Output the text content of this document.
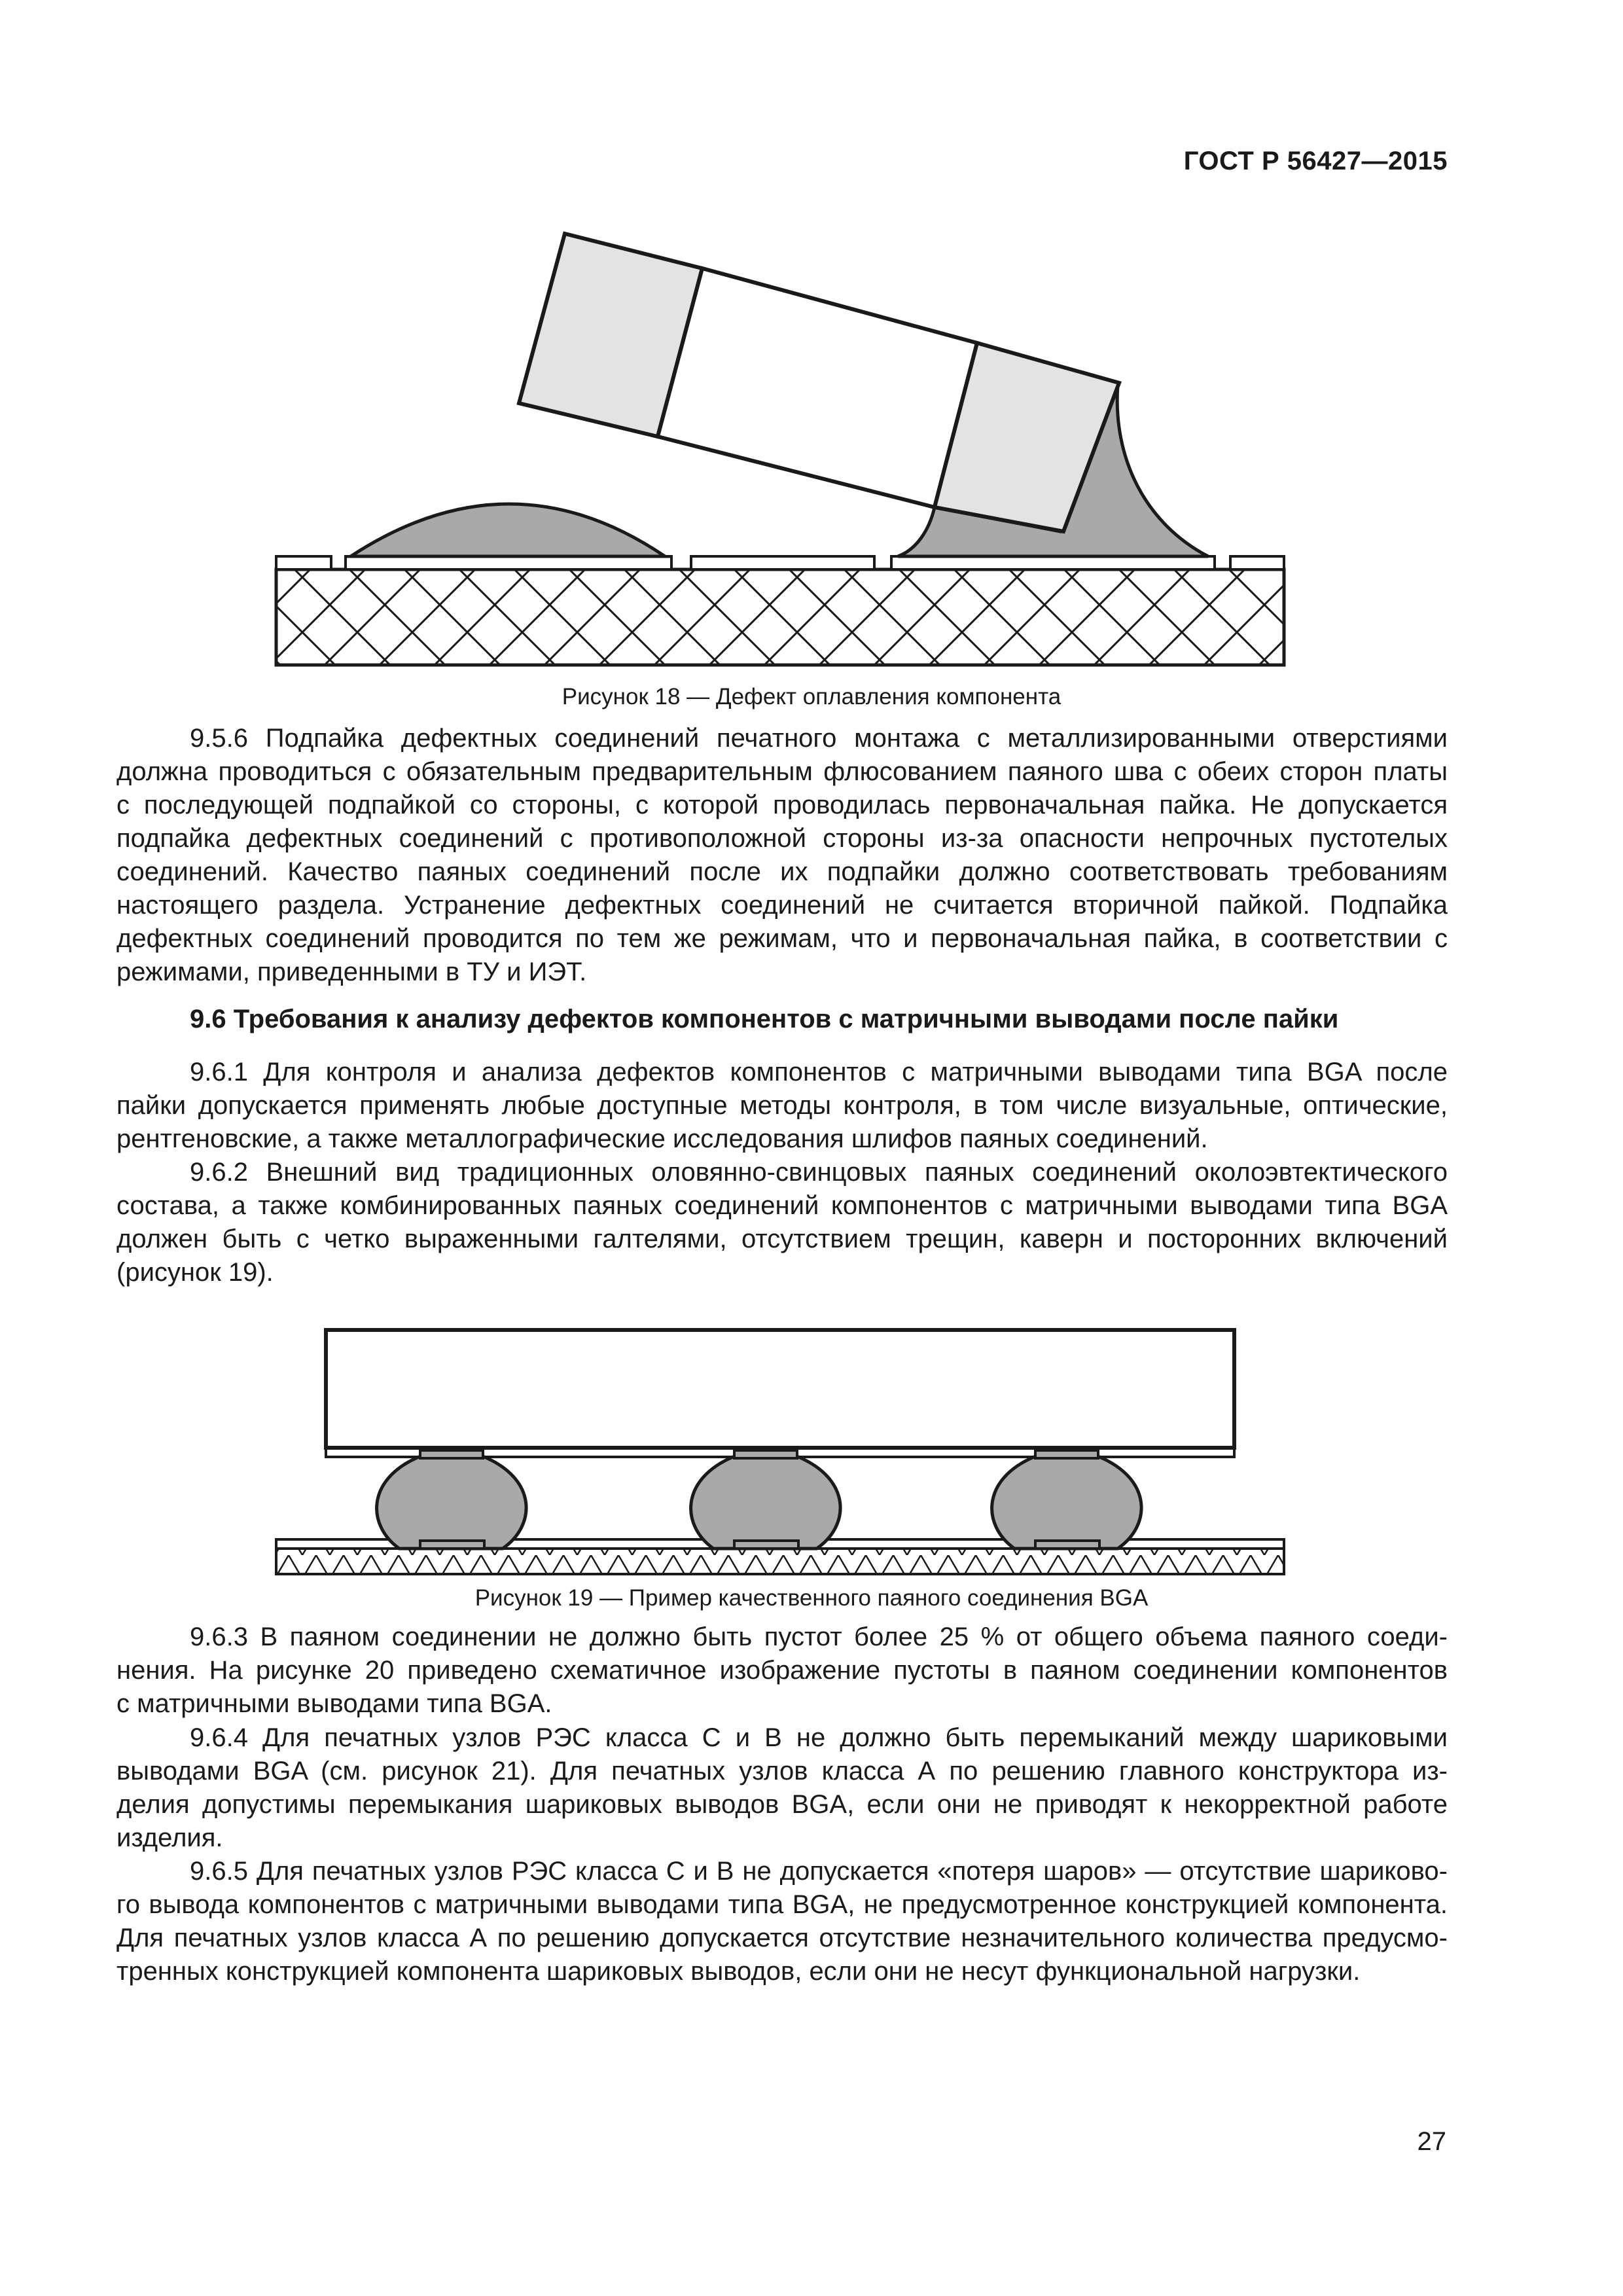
ГОСТ Р 56427—2015
Рисунок 18 — Дефект оплавления компонента
9.5.6 Подпайка дефектных соединений печатного монтажа с металлизированными отверстиями
должна проводиться с обязательным предварительным флюсованием паяного шва с обеих сторон платы
с последующей подпайкой со стороны, с которой проводилась первоначальная пайка. Не допускается
подпайка дефектных соединений с противоположной стороны из-за опасности непрочных пустотелых
соединений. Качество паяных соединений после их подпайки должно соответствовать требованиям
настоящего раздела. Устранение дефектных соединений не считается вторичной пайкой. Подпайка
дефектных соединений проводится по тем же режимам, что и первоначальная пайка, в соответствии с
режимами, приведенными в ТУ и ИЭТ.
9.6 Требования к анализу дефектов компонентов с матричными выводами после пайки
9.6.1 Для контроля и анализа дефектов компонентов с матричными выводами типа BGA после
пайки допускается применять любые доступные методы контроля, в том числе визуальные, оптические,
рентгеновские, а также металлографические исследования шлифов паяных соединений.
9.6.2 Внешний вид традиционных оловянно-свинцовых паяных соединений околоэвтектического
состава, а также комбинированных паяных соединений компонентов с матричными выводами типа BGA
должен быть с четко выраженными галтелями, отсутствием трещин, каверн и посторонних включений
(рисунок 19).
Рисунок 19 — Пример качественного паяного соединения BGA
9.6.3 В паяном соединении не должно быть пустот более 25 % от общего объема паяного соеди-
нения. На рисунке 20 приведено схематичное изображение пустоты в паяном соединении компонентов
с матричными выводами типа BGA.
9.6.4 Для печатных узлов РЭС класса С и В не должно быть перемыканий между шариковыми
выводами BGA (см. рисунок 21). Для печатных узлов класса А по решению главного конструктора из-
делия допустимы перемыкания шариковых выводов BGA, если они не приводят к некорректной работе
изделия.
9.6.5 Для печатных узлов РЭС класса С и В не допускается «потеря шаров» — отсутствие шариково-
го вывода компонентов с матричными выводами типа BGA, не предусмотренное конструкцией компонента.
Для печатных узлов класса А по решению допускается отсутствие незначительного количества предусмо-
тренных конструкцией компонента шариковых выводов, если они не несут функциональной нагрузки.
27
